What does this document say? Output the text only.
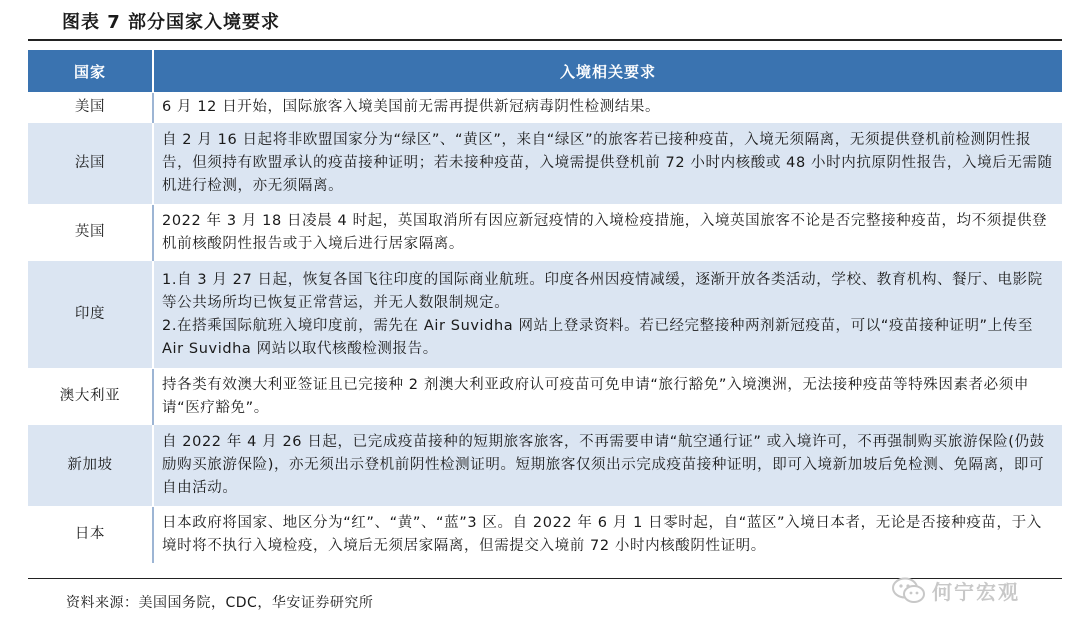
图表 7 部分国家入境要求
国家	入境相关要求
美国	6 月 12 日开始，国际旅客入境美国前无需再提供新冠病毒阴性检测结果。

法国	自 2 月 16 日起将非欧盟国家分为“绿区”、“黄区”，来自“绿区”的旅客若已接种疫苗，入境无须隔离，无须提供登机前检测阴性报告，但须持有欧盟承认的疫苗接种证明；若未接种疫苗，入境需提供登机前 72 小时内核酸或 48 小时内抗原阴性报告，入境后无需随机进行检测，亦无须隔离。

英国	2022 年 3 月 18 日凌晨 4 时起，英国取消所有因应新冠疫情的入境检疫措施，入境英国旅客不论是否完整接种疫苗，均不须提供登机前核酸阴性报告或于入境后进行居家隔离。

印度	1.自 3 月 27 日起，恢复各国飞往印度的国际商业航班。印度各州因疫情减缓，逐渐开放各类活动，学校、教育机构、餐厅、电影院等公共场所均已恢复正常营运，并无人数限制规定。
2.在搭乘国际航班入境印度前，需先在 Air Suvidha 网站上登录资料。若已经完整接种两剂新冠疫苗，可以“疫苗接种证明”上传至 Air Suvidha 网站以取代核酸检测报告。

澳大利亚	持各类有效澳大利亚签证且已完接种 2 剂澳大利亚政府认可疫苗可免申请“旅行豁免”入境澳洲，无法接种疫苗等特殊因素者必须申请“医疗豁免”。

新加坡	自 2022 年 4 月 26 日起，已完成疫苗接种的短期旅客旅客，不再需要申请“航空通行证” 或入境许可，不再强制购买旅游保险(仍鼓励购买旅游保险)，亦无须出示登机前阴性检测证明。短期旅客仅须出示完成疫苗接种证明，即可入境新加坡后免检测、免隔离，即可自由活动。

日本	日本政府将国家、地区分为“红”、“黄”、“蓝”3 区。自 2022 年 6 月 1 日零时起，自“蓝区”入境日本者，无论是否接种疫苗，于入境时将不执行入境检疫，入境后无须居家隔离，但需提交入境前 72 小时内核酸阴性证明。
资料来源：美国国务院，CDC，华安证券研究所	何宁宏观
